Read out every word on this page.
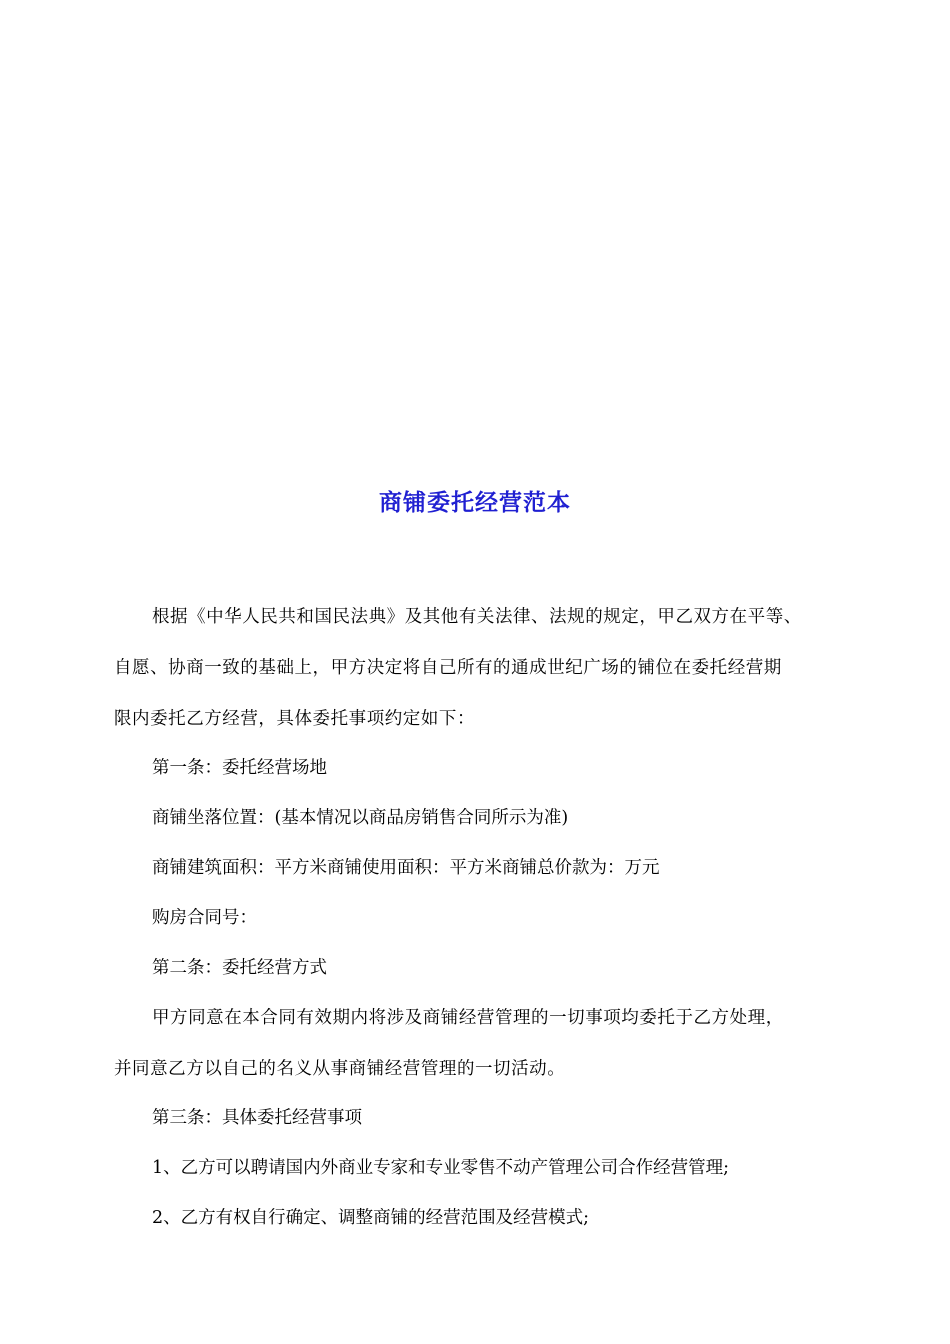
商铺委托经营范本
根据《中华人民共和国民法典》及其他有关法律、法规的规定，甲乙双方在平等、
自愿、协商一致的基础上，甲方决定将自己所有的通成世纪广场的铺位在委托经营期
限内委托乙方经营，具体委托事项约定如下：
第一条：委托经营场地
商铺坐落位置：(基本情况以商品房销售合同所示为准)
商铺建筑面积：平方米商铺使用面积：平方米商铺总价款为：万元
购房合同号：
第二条：委托经营方式
甲方同意在本合同有效期内将涉及商铺经营管理的一切事项均委托于乙方处理，
并同意乙方以自己的名义从事商铺经营管理的一切活动。
第三条：具体委托经营事项
1、乙方可以聘请国内外商业专家和专业零售不动产管理公司合作经营管理;
2、乙方有权自行确定、调整商铺的经营范围及经营模式;
